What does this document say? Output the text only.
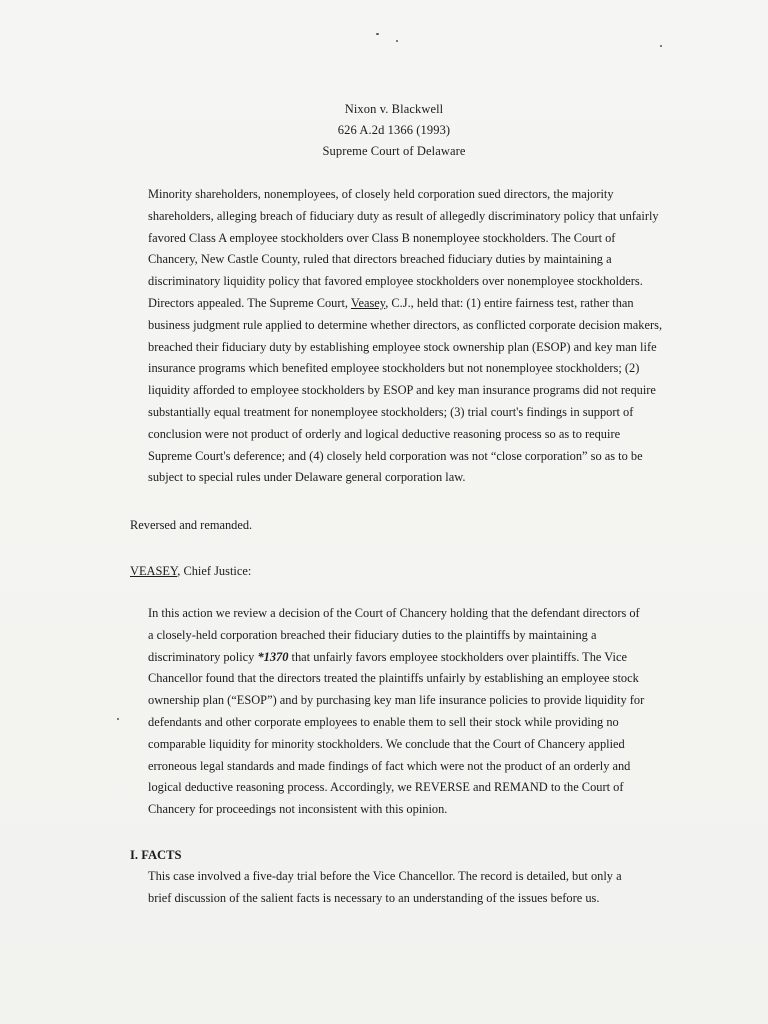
Nixon v. Blackwell
626 A.2d 1366 (1993)
Supreme Court of Delaware
Minority shareholders, nonemployees, of closely held corporation sued directors, the majority
shareholders, alleging breach of fiduciary duty as result of allegedly discriminatory policy that unfairly
favored Class A employee stockholders over Class B nonemployee stockholders. The Court of
Chancery, New Castle County, ruled that directors breached fiduciary duties by maintaining a
discriminatory liquidity policy that favored employee stockholders over nonemployee stockholders.
Directors appealed. The Supreme Court, Veasey, C.J., held that: (1) entire fairness test, rather than
business judgment rule applied to determine whether directors, as conflicted corporate decision makers,
breached their fiduciary duty by establishing employee stock ownership plan (ESOP) and key man life
insurance programs which benefited employee stockholders but not nonemployee stockholders; (2)
liquidity afforded to employee stockholders by ESOP and key man insurance programs did not require
substantially equal treatment for nonemployee stockholders; (3) trial court's findings in support of
conclusion were not product of orderly and logical deductive reasoning process so as to require
Supreme Court's deference; and (4) closely held corporation was not “close corporation” so as to be
subject to special rules under Delaware general corporation law.
Reversed and remanded.
VEASEY, Chief Justice:
In this action we review a decision of the Court of Chancery holding that the defendant directors of
a closely-held corporation breached their fiduciary duties to the plaintiffs by maintaining a
discriminatory policy *1370 that unfairly favors employee stockholders over plaintiffs. The Vice
Chancellor found that the directors treated the plaintiffs unfairly by establishing an employee stock
ownership plan (“ESOP”) and by purchasing key man life insurance policies to provide liquidity for
defendants and other corporate employees to enable them to sell their stock while providing no
comparable liquidity for minority stockholders. We conclude that the Court of Chancery applied
erroneous legal standards and made findings of fact which were not the product of an orderly and
logical deductive reasoning process. Accordingly, we REVERSE and REMAND to the Court of
Chancery for proceedings not inconsistent with this opinion.
I. FACTS
This case involved a five-day trial before the Vice Chancellor. The record is detailed, but only a
brief discussion of the salient facts is necessary to an understanding of the issues before us.
